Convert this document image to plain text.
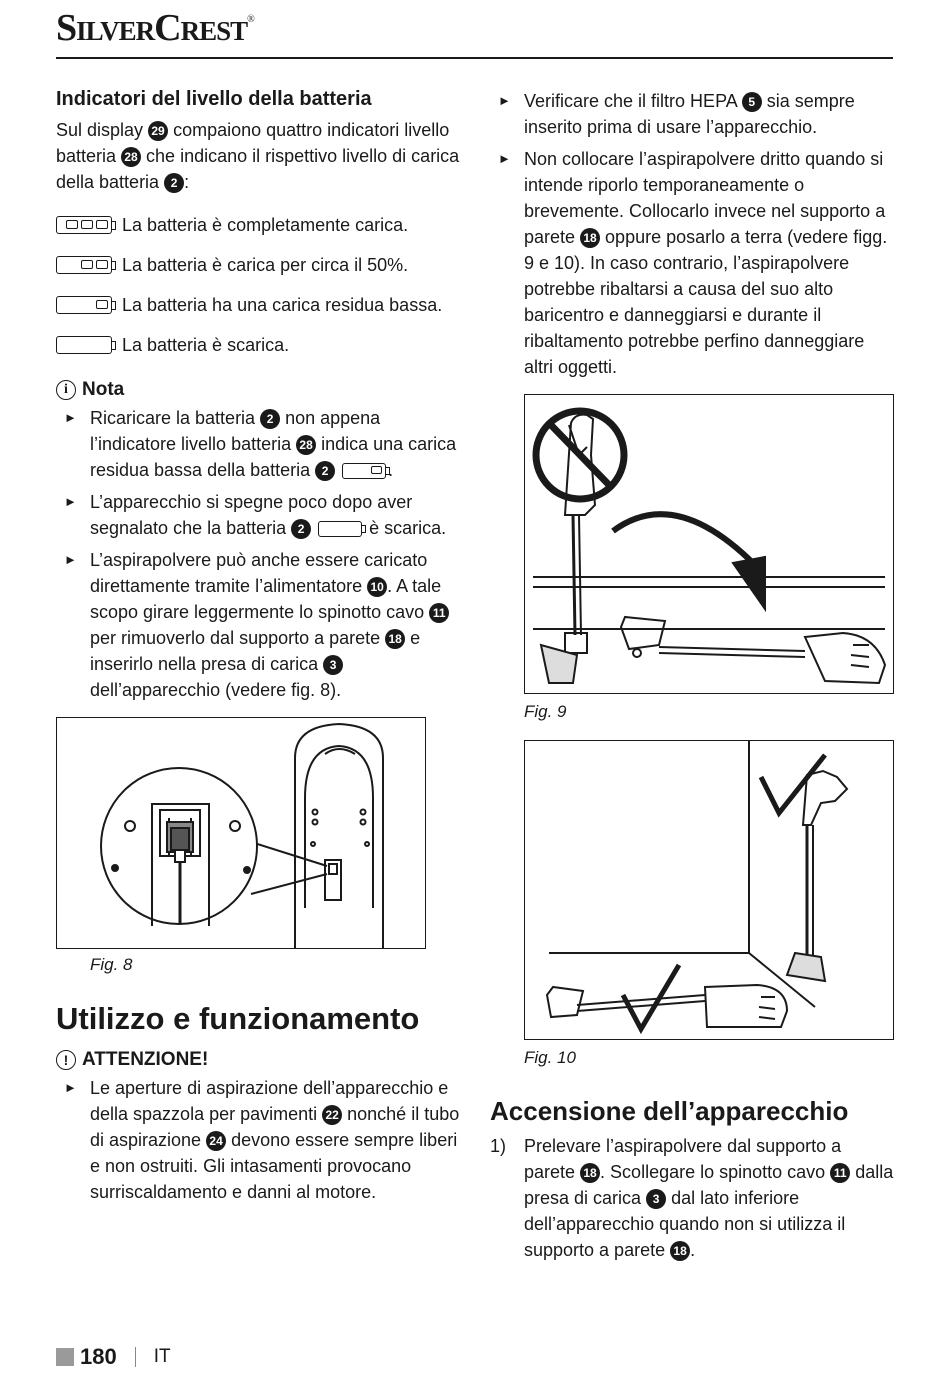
SilverCrest®
Indicatori del livello della batteria

Sul display 29 compaiono quattro indicatori livello batteria 28 che indicano il rispettivo livello di carica della batteria 2 :

La batteria è completamente carica.
La batteria è carica per circa il 50%.
La batteria ha una carica residua bassa.
La batteria è scarica.
i Nota
► Ricaricare la batteria 2 non appena l’indicatore livello batteria 28 indica una carica residua bassa della batteria 2	.
► L’apparecchio si spegne poco dopo aver segnalato che la batteria 2	è scarica.
► L’aspirapolvere può anche essere caricato direttamente tramite l’alimentatore 10 . A tale scopo girare leggermente lo spinotto cavo 11 per rimuoverlo dal supporto a parete 18 e inserirlo nella presa di carica 3 dell’apparecchio (vedere fig. 8).
Fig. 8
Utilizzo e funzionamento
! ATTENZIONE!
► Le aperture di aspirazione dell’apparecchio e della spazzola per pavimenti 22 nonché il tubo di aspirazione 24 devono essere sempre liberi e non ostruiti. Gli intasamenti provocano surriscaldamento e danni al motore.
► Verificare che il filtro HEPA 5 sia sempre inserito prima di usare l’apparecchio.
► Non collocare l’aspirapolvere dritto quando si intende riporlo temporaneamente o brevemente. Collocarlo invece nel supporto a parete 18 oppure posarlo a terra (vedere figg. 9 e 10). In caso contrario, l’aspirapolvere potrebbe ribaltarsi a causa del suo alto baricentro e danneggiarsi e durante il ribaltamento potrebbe perfino danneggiare altri oggetti.
Fig. 9
Fig. 10
Accensione dell’apparecchio
1) Prelevare l’aspirapolvere dal supporto a parete 18 . Scollegare lo spinotto cavo 11 dalla presa di carica 3 dal lato inferiore dell’apparecchio quando non si utilizza il supporto a parete 18 .
180 IT
